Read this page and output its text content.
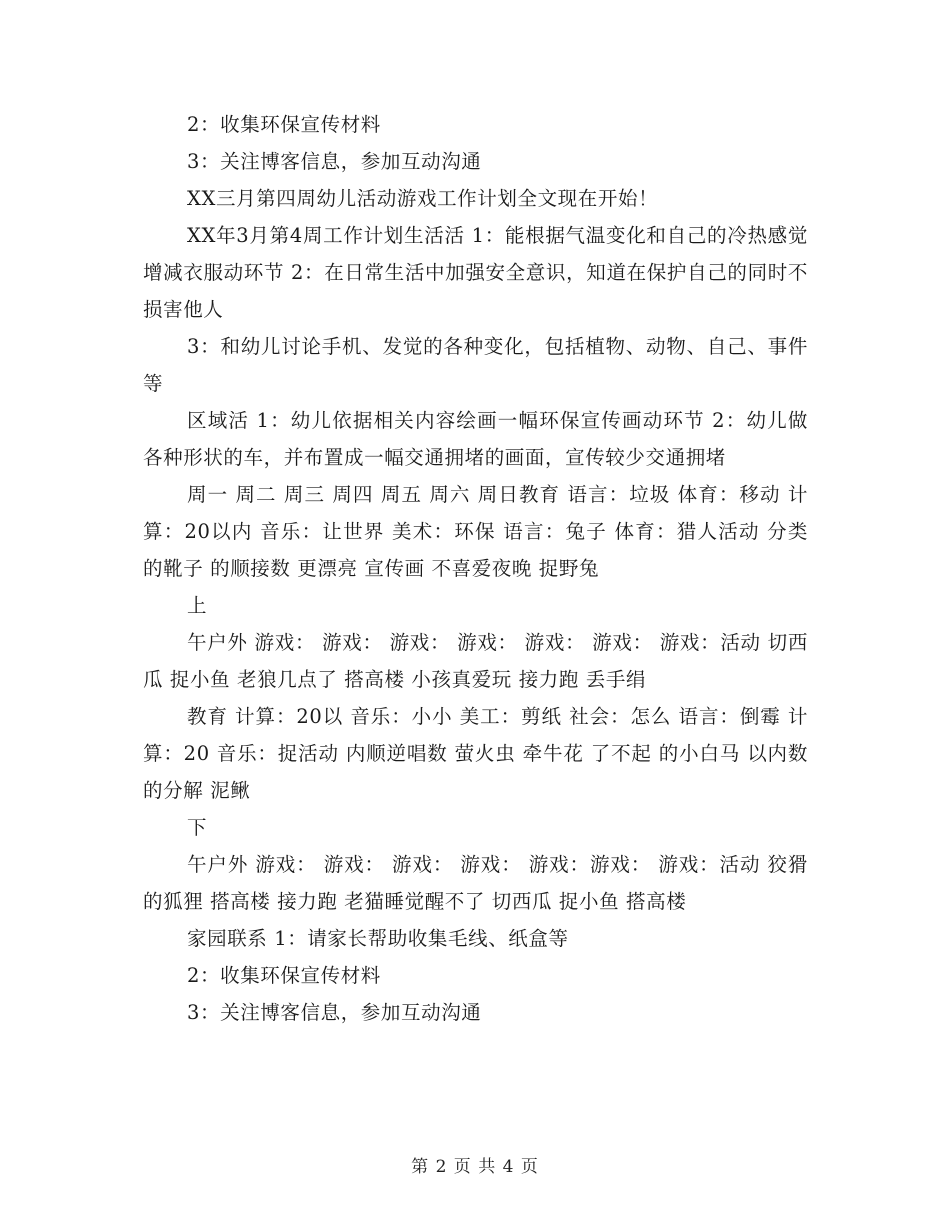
2：收集环保宣传材料

3：关注博客信息，参加互动沟通

XX三月第四周幼儿活动游戏工作计划全文现在开始！

XX年3月第4周工作计划生活活 1：能根据气温变化和自己的冷热感觉增减衣服动环节 2：在日常生活中加强安全意识，知道在保护自己的同时不损害他人

3：和幼儿讨论手机、发觉的各种变化，包括植物、动物、自己、事件等

区域活 1：幼儿依据相关内容绘画一幅环保宣传画动环节 2：幼儿做各种形状的车，并布置成一幅交通拥堵的画面，宣传较少交通拥堵

周一 周二 周三 周四 周五 周六 周日教育 语言：垃圾 体育：移动 计算：20以内 音乐：让世界 美术：环保 语言：兔子 体育：猎人活动 分类 的靴子 的顺接数 更漂亮 宣传画 不喜爱夜晚 捉野兔

上

午户外 游戏： 游戏： 游戏： 游戏： 游戏： 游戏： 游戏：活动 切西瓜 捉小鱼 老狼几点了 搭高楼 小孩真爱玩 接力跑 丢手绢

教育 计算：20以 音乐：小小 美工：剪纸 社会：怎么 语言：倒霉 计算：20 音乐：捉活动 内顺逆唱数 萤火虫 牵牛花 了不起 的小白马 以内数的分解 泥鳅

下

午户外 游戏： 游戏： 游戏： 游戏： 游戏：游戏： 游戏：活动 狡猾的狐狸 搭高楼 接力跑 老猫睡觉醒不了 切西瓜 捉小鱼 搭高楼

家园联系 1：请家长帮助收集毛线、纸盒等

2：收集环保宣传材料

3：关注博客信息，参加互动沟通

第 2 页 共 4 页
